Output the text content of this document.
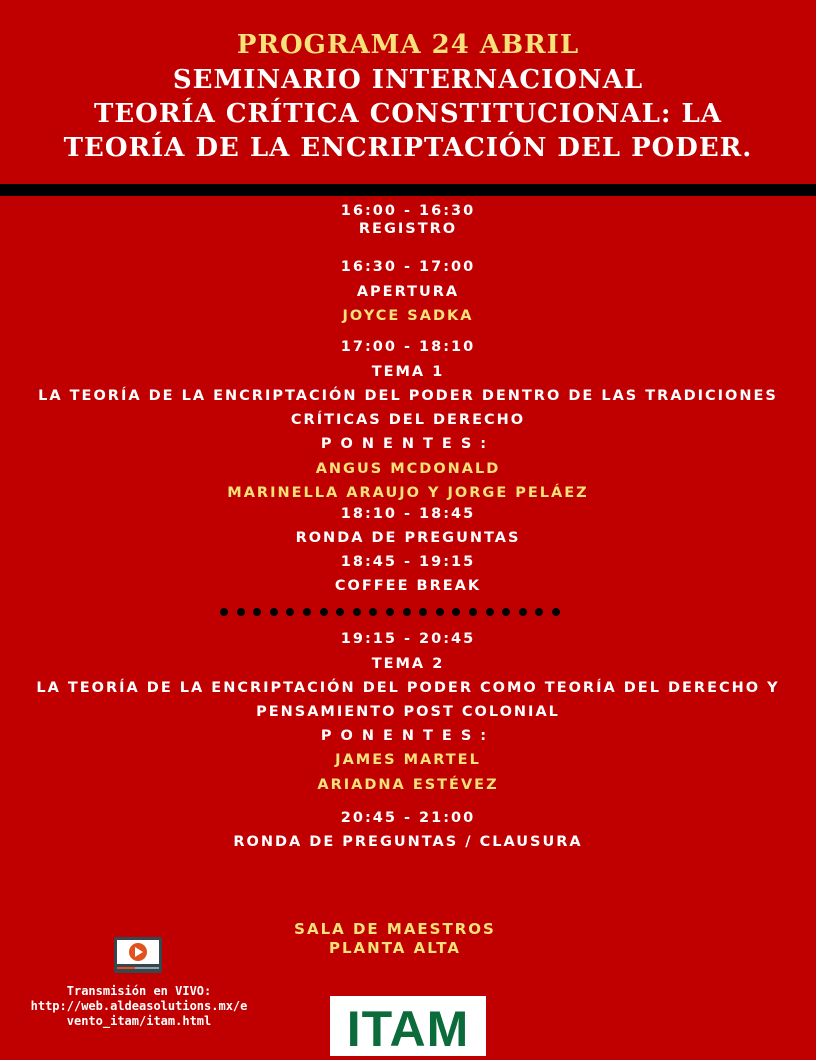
PROGRAMA 24 ABRIL
SEMINARIO INTERNACIONAL
TEORÍA CRÍTICA CONSTITUCIONAL: LA
TEORÍA DE LA ENCRIPTACIÓN DEL PODER.
16:00 - 16:30
REGISTRO
16:30 - 17:00
APERTURA
JOYCE SADKA
17:00 - 18:10
TEMA 1
LA TEORÍA DE LA ENCRIPTACIÓN DEL PODER DENTRO DE LAS TRADICIONES
CRÍTICAS DEL DERECHO
PONENTES:
ANGUS MCDONALD
MARINELLA ARAUJO Y JORGE PELÁEZ
18:10 - 18:45
RONDA DE PREGUNTAS
18:45 - 19:15
COFFEE BREAK
19:15 - 20:45
TEMA 2
LA TEORÍA DE LA ENCRIPTACIÓN DEL PODER COMO TEORÍA DEL DERECHO Y
PENSAMIENTO POST COLONIAL
PONENTES:
JAMES MARTEL
ARIADNA ESTÉVEZ
20:45 - 21:00
RONDA DE PREGUNTAS / CLAUSURA
SALA DE MAESTROS
PLANTA ALTA
Transmisión en VIVO:
http://web.aldeasolutions.mx/e
vento_itam/itam.html	ITAM
